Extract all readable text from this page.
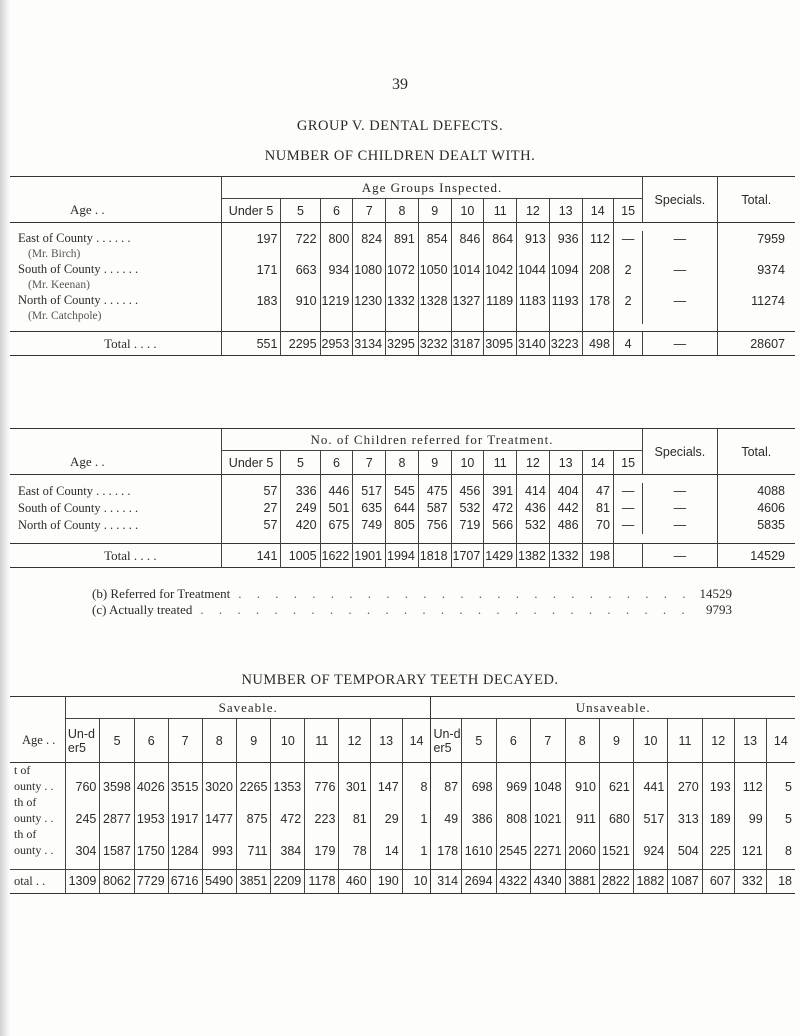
39
GROUP V. DENTAL DEFECTS.
NUMBER OF CHILDREN DEALT WITH.
	Age Groups Inspected.												Specials.	Total.
Age . .	Under 5	5	6	7	8	9	10	11	12	13	14	15		

East of County . . . . . .	197	722	800	824	891	854	846	864	913	936	112	—	—	7959
(Mr. Birch)														
South of County . . . . . .	171	663	934	1080	1072	1050	1014	1042	1044	1094	208	2	—	9374
(Mr. Keenan)														
North of County . . . . . .	183	910	1219	1230	1332	1328	1327	1189	1183	1193	178	2	—	11274
(Mr. Catchpole)														

Total . . . .	551	2295	2953	3134	3295	3232	3187	3095	3140	3223	498	4	—	28607
	No. of Children referred for Treatment.												Specials.	Total.
Age . .	Under 5	5	6	7	8	9	10	11	12	13	14	15		

East of County . . . . . .	57	336	446	517	545	475	456	391	414	404	47	—	—	4088
South of County . . . . . .	27	249	501	635	644	587	532	472	436	442	81	—	—	4606
North of County . . . . . .	57	420	675	749	805	756	719	566	532	486	70	—	—	5835

Total . . . .	141	1005	1622	1901	1994	1818	1707	1429	1382	1332	198		—	14529
(b) Referred for Treatment . . . . . . . . . . . . . . . . . . . . . . . . . 14529
(c) Actually treated . . . . . . . . . . . . . . . . . . . . . . . . . . .	9793
NUMBER OF TEMPORARY TEETH DECAYED.
	Saveable.											Unsaveable.										
Age . .	Un-der5	5	6	7	8	9	10	11	12	13	14	Un-der5	5	6	7	8	9	10	11	12	13	14
t of																						
ounty . .	760	3598	4026	3515	3020	2265	1353	776	301	147	8	87	698	969	1048	910	621	441	270	193	112	5
th of																						
ounty . .	245	2877	1953	1917	1477	875	472	223	81	29	1	49	386	808	1021	911	680	517	313	189	99	5
th of																						
ounty . .	304	1587	1750	1284	993	711	384	179	78	14	1	178	1610	2545	2271	2060	1521	924	504	225	121	8

otal . .	1309	8062	7729	6716	5490	3851	2209	1178	460	190	10	314	2694	4322	4340	3881	2822	1882	1087	607	332	18
